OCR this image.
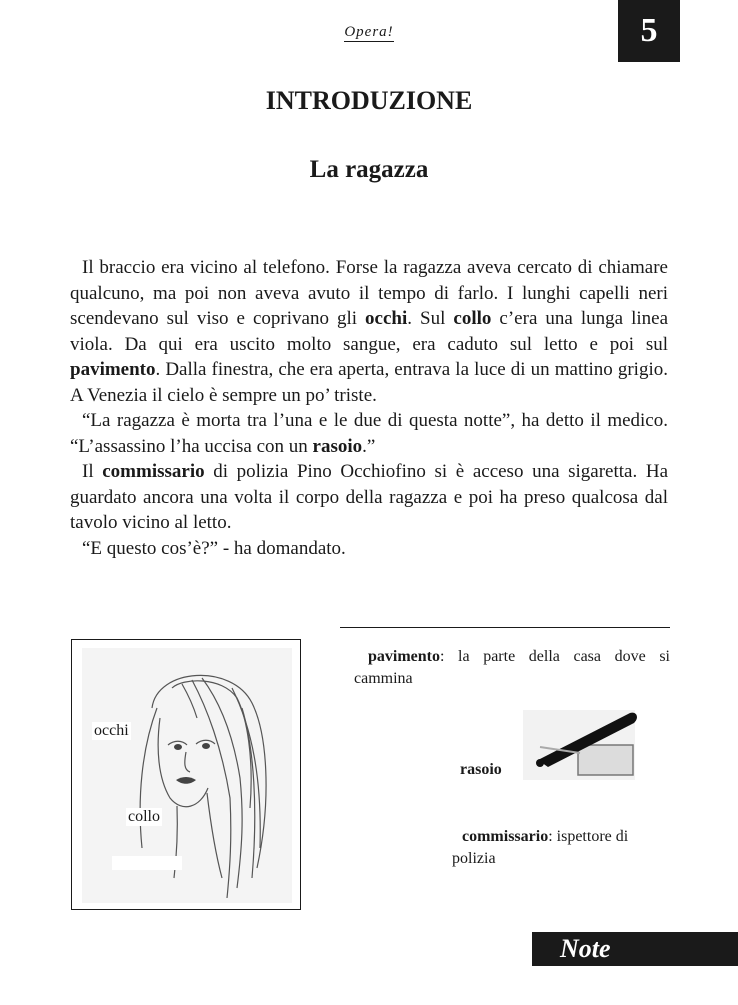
Opera!	5
INTRODUZIONE
La ragazza

Il braccio era vicino al telefono. Forse la ragazza aveva cercato di chiamare qualcuno, ma poi non aveva avuto il tempo di farlo. I lunghi capelli neri scendevano sul viso e coprivano gli occhi. Sul collo c’era una lunga linea viola. Da qui era uscito molto sangue, era caduto sul letto e poi sul pavimento. Dalla finestra, che era aperta, entrava la luce di un mattino grigio. A Venezia il cielo è sempre un po’ triste.

“La ragazza è morta tra l’una e le due di questa notte”, ha detto il medico. “L’assassino l’ha uccisa con un rasoio.”

Il commissario di polizia Pino Occhiofino si è acceso una sigaretta. Ha guardato ancora una volta il corpo della ragazza e poi ha preso qualcosa dal tavolo vicino al letto.

“E questo cos’è?” - ha domandato.

occhi
collo
pavimento: la parte della casa dove si cammina
rasoio
commissario: ispettore di polizia
Note
